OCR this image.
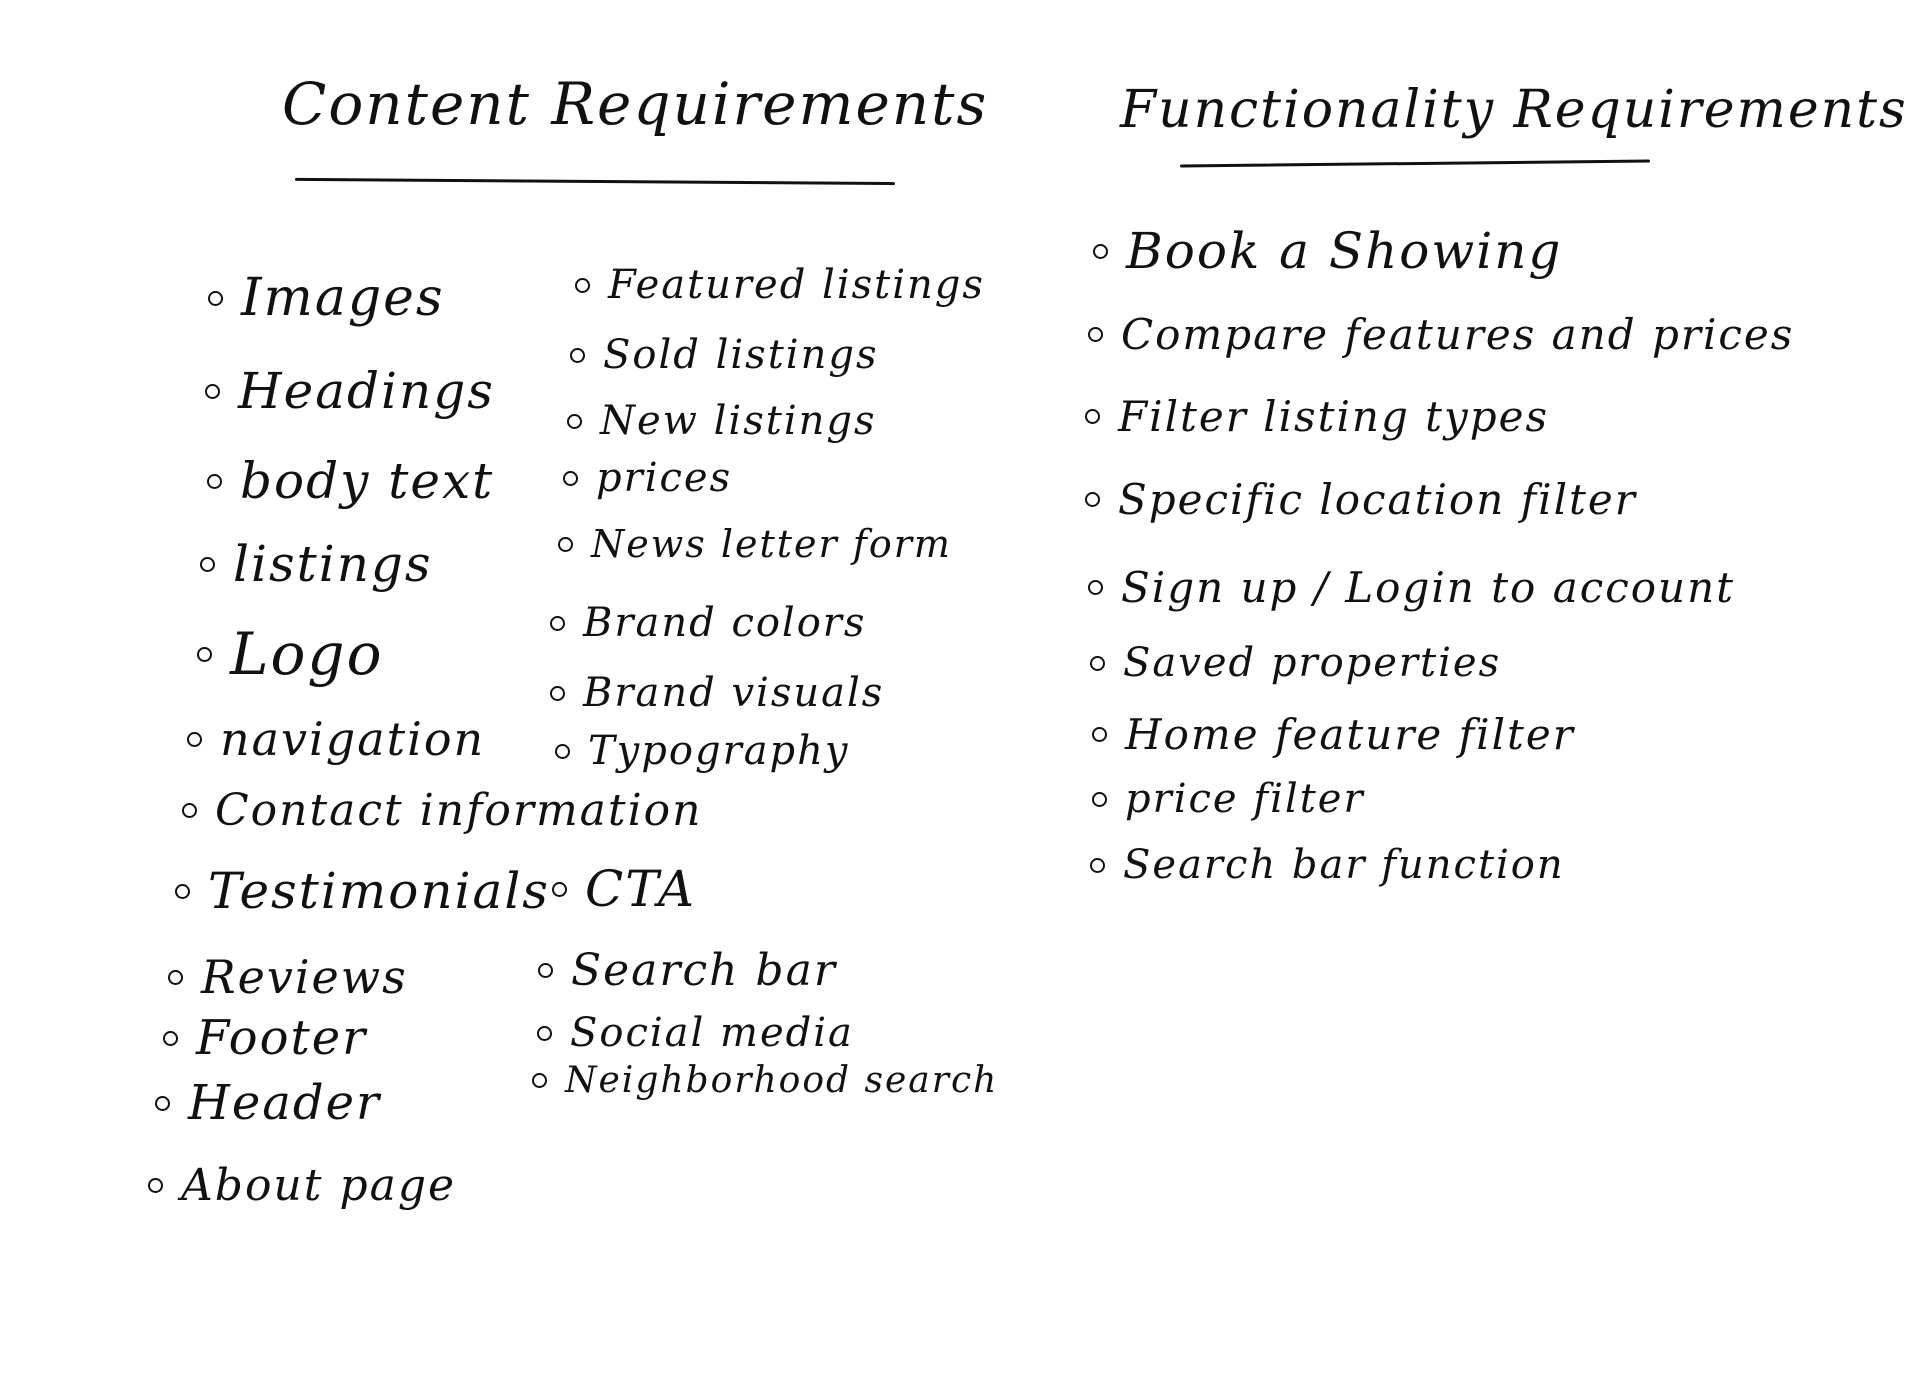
Content Requirements	Functionality Requirements
Images
Headings
body text
listings
Logo
navigation
Contact information
Testimonials
Reviews
Footer
Header
About page
Featured listings
Sold listings
New listings
prices
News letter form
Brand colors
Brand visuals
Typography
CTA
Search bar
Social media
Neighborhood search
Book a Showing
Compare features and prices
Filter listing types
Specific location filter
Sign up / Login to account
Saved properties
Home feature filter
price filter
Search bar function
